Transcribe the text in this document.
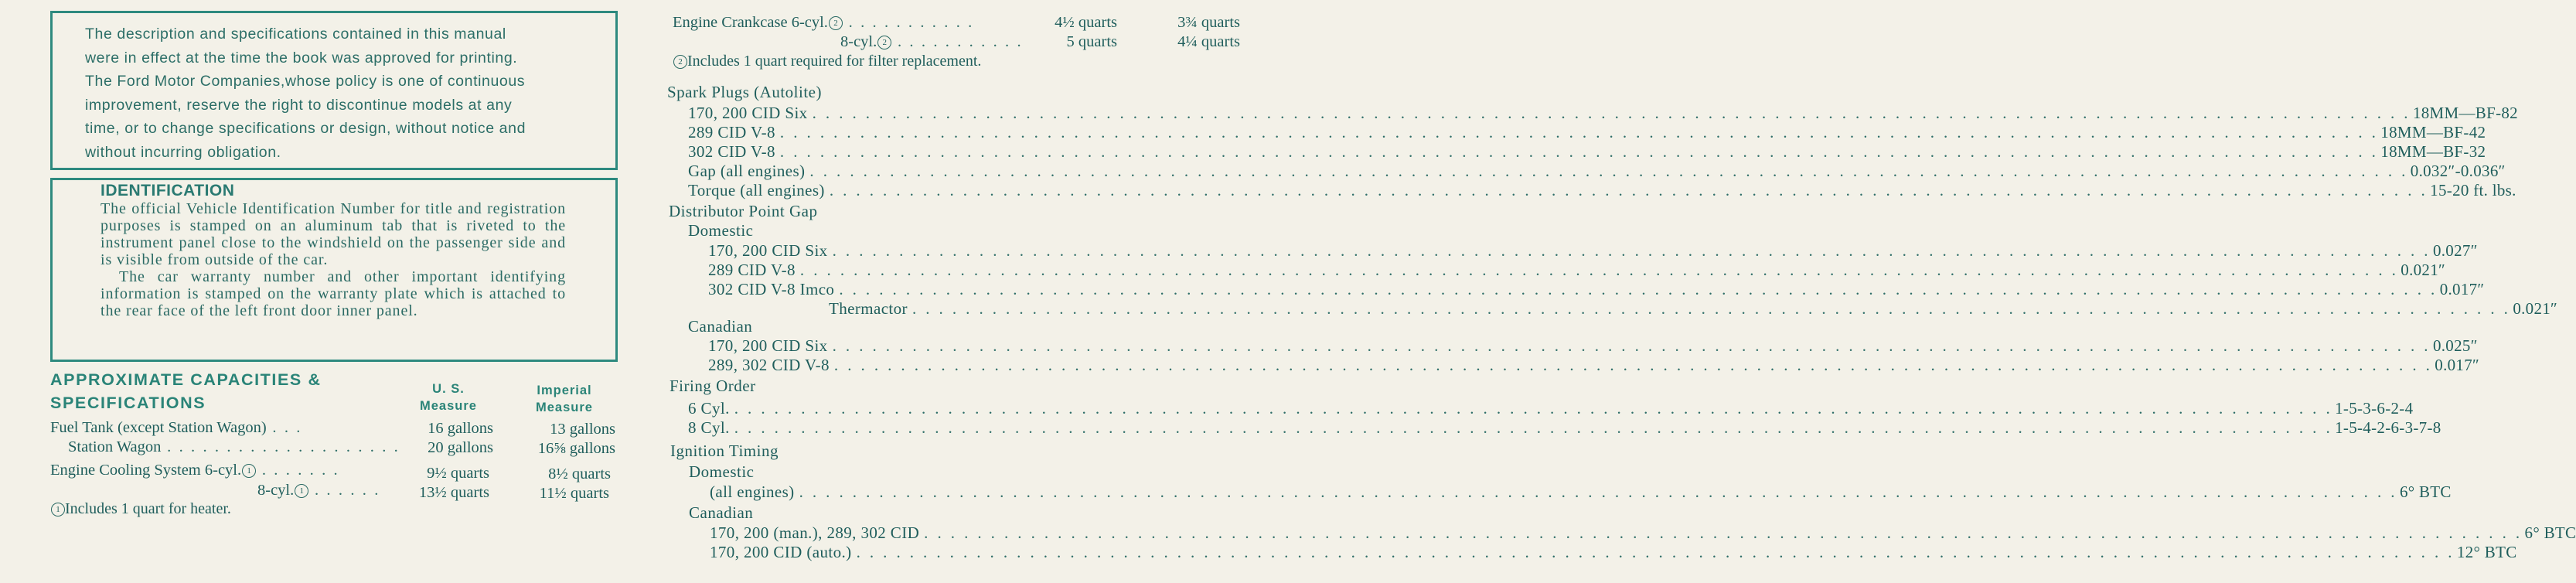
The description and specifications contained in this manual

were in effect at the time the book was approved for printing.

The Ford Motor Companies,whose policy is one of continuous

improvement, reserve the right to discontinue models at any

time, or to change specifications or design, without notice and

without incurring obligation.

IDENTIFICATION

The official Vehicle Identification Number for title and registration purposes is stamped on an aluminum tab that is riveted to the instrument panel close to the windshield on the passenger side and is visible from outside of the car.

The car warranty number and other important identifying information is stamped on the warranty plate which is attached to the rear face of the left front door inner panel.

APPROXIMATE CAPACITIES &
SPECIFICATIONS
U. S.
Measure
Imperial
Measure
Fuel Tank (except Station Wagon) . . .	16 gallons	13 gallons
Station Wagon . . . . . . . . . . . . . . . . . . . .	20 gallons	16⅝ gallons
Engine Cooling System 6-cyl. 1 . . . . . . .	9½ quarts	8½ quarts
8-cyl. 1 . . . . . .	13½ quarts	11½ quarts
1 Includes 1 quart for heater.
Engine Crankcase 6-cyl. 2 . . . . . . . . . . .	4½ quarts	3¾ quarts
8-cyl. 2 . . . . . . . . . . .	5 quarts	4¼ quarts
2 Includes 1 quart required for filter replacement.
Spark Plugs (Autolite)
170, 200 CID Six . . . . . . . . . . . . . . . . . . . . . . . . . . . . . . . . . . . . . . . . . . . . . . . . . . . . . . . . . . . . . . . . . . . . . . . . . . . . . . . . . . . . . . . . . . . . . . . . . . . . . . . . . . . . . . . . . . . . . . . . 18MM—BF-82
289 CID V-8 . . . . . . . . . . . . . . . . . . . . . . . . . . . . . . . . . . . . . . . . . . . . . . . . . . . . . . . . . . . . . . . . . . . . . . . . . . . . . . . . . . . . . . . . . . . . . . . . . . . . . . . . . . . . . . . . . . . . . . . . 18MM—BF-42
302 CID V-8 . . . . . . . . . . . . . . . . . . . . . . . . . . . . . . . . . . . . . . . . . . . . . . . . . . . . . . . . . . . . . . . . . . . . . . . . . . . . . . . . . . . . . . . . . . . . . . . . . . . . . . . . . . . . . . . . . . . . . . . . 18MM—BF-32
Gap (all engines) . . . . . . . . . . . . . . . . . . . . . . . . . . . . . . . . . . . . . . . . . . . . . . . . . . . . . . . . . . . . . . . . . . . . . . . . . . . . . . . . . . . . . . . . . . . . . . . . . . . . . . . . . . . . . . . . . . . . . . . . 0.032″-0.036″
Torque (all engines) . . . . . . . . . . . . . . . . . . . . . . . . . . . . . . . . . . . . . . . . . . . . . . . . . . . . . . . . . . . . . . . . . . . . . . . . . . . . . . . . . . . . . . . . . . . . . . . . . . . . . . . . . . . . . . . . . . . . . . . . 15-20 ft. lbs.
Distributor Point Gap
Domestic
170, 200 CID Six . . . . . . . . . . . . . . . . . . . . . . . . . . . . . . . . . . . . . . . . . . . . . . . . . . . . . . . . . . . . . . . . . . . . . . . . . . . . . . . . . . . . . . . . . . . . . . . . . . . . . . . . . . . . . . . . . . . . . . . . 0.027″
289 CID V-8 . . . . . . . . . . . . . . . . . . . . . . . . . . . . . . . . . . . . . . . . . . . . . . . . . . . . . . . . . . . . . . . . . . . . . . . . . . . . . . . . . . . . . . . . . . . . . . . . . . . . . . . . . . . . . . . . . . . . . . . . 0.021″
302 CID V-8 Imco . . . . . . . . . . . . . . . . . . . . . . . . . . . . . . . . . . . . . . . . . . . . . . . . . . . . . . . . . . . . . . . . . . . . . . . . . . . . . . . . . . . . . . . . . . . . . . . . . . . . . . . . . . . . . . . . . . . . . . . . 0.017″
Thermactor . . . . . . . . . . . . . . . . . . . . . . . . . . . . . . . . . . . . . . . . . . . . . . . . . . . . . . . . . . . . . . . . . . . . . . . . . . . . . . . . . . . . . . . . . . . . . . . . . . . . . . . . . . . . . . . . . . . . . . . . 0.021″
Canadian
170, 200 CID Six . . . . . . . . . . . . . . . . . . . . . . . . . . . . . . . . . . . . . . . . . . . . . . . . . . . . . . . . . . . . . . . . . . . . . . . . . . . . . . . . . . . . . . . . . . . . . . . . . . . . . . . . . . . . . . . . . . . . . . . . 0.025″
289, 302 CID V-8 . . . . . . . . . . . . . . . . . . . . . . . . . . . . . . . . . . . . . . . . . . . . . . . . . . . . . . . . . . . . . . . . . . . . . . . . . . . . . . . . . . . . . . . . . . . . . . . . . . . . . . . . . . . . . . . . . . . . . . . . 0.017″
Firing Order
6 Cyl. . . . . . . . . . . . . . . . . . . . . . . . . . . . . . . . . . . . . . . . . . . . . . . . . . . . . . . . . . . . . . . . . . . . . . . . . . . . . . . . . . . . . . . . . . . . . . . . . . . . . . . . . . . . . . . . . . . . . . . . . 1-5-3-6-2-4
8 Cyl. . . . . . . . . . . . . . . . . . . . . . . . . . . . . . . . . . . . . . . . . . . . . . . . . . . . . . . . . . . . . . . . . . . . . . . . . . . . . . . . . . . . . . . . . . . . . . . . . . . . . . . . . . . . . . . . . . . . . . . . . 1-5-4-2-6-3-7-8
Ignition Timing
Domestic
(all engines) . . . . . . . . . . . . . . . . . . . . . . . . . . . . . . . . . . . . . . . . . . . . . . . . . . . . . . . . . . . . . . . . . . . . . . . . . . . . . . . . . . . . . . . . . . . . . . . . . . . . . . . . . . . . . . . . . . . . . . . . 6° BTC
Canadian
170, 200 (man.), 289, 302 CID . . . . . . . . . . . . . . . . . . . . . . . . . . . . . . . . . . . . . . . . . . . . . . . . . . . . . . . . . . . . . . . . . . . . . . . . . . . . . . . . . . . . . . . . . . . . . . . . . . . . . . . . . . . . . . . . . . . . . . . . 6° BTC
170, 200 CID (auto.) . . . . . . . . . . . . . . . . . . . . . . . . . . . . . . . . . . . . . . . . . . . . . . . . . . . . . . . . . . . . . . . . . . . . . . . . . . . . . . . . . . . . . . . . . . . . . . . . . . . . . . . . . . . . . . . . . . . . . . . . 12° BTC
